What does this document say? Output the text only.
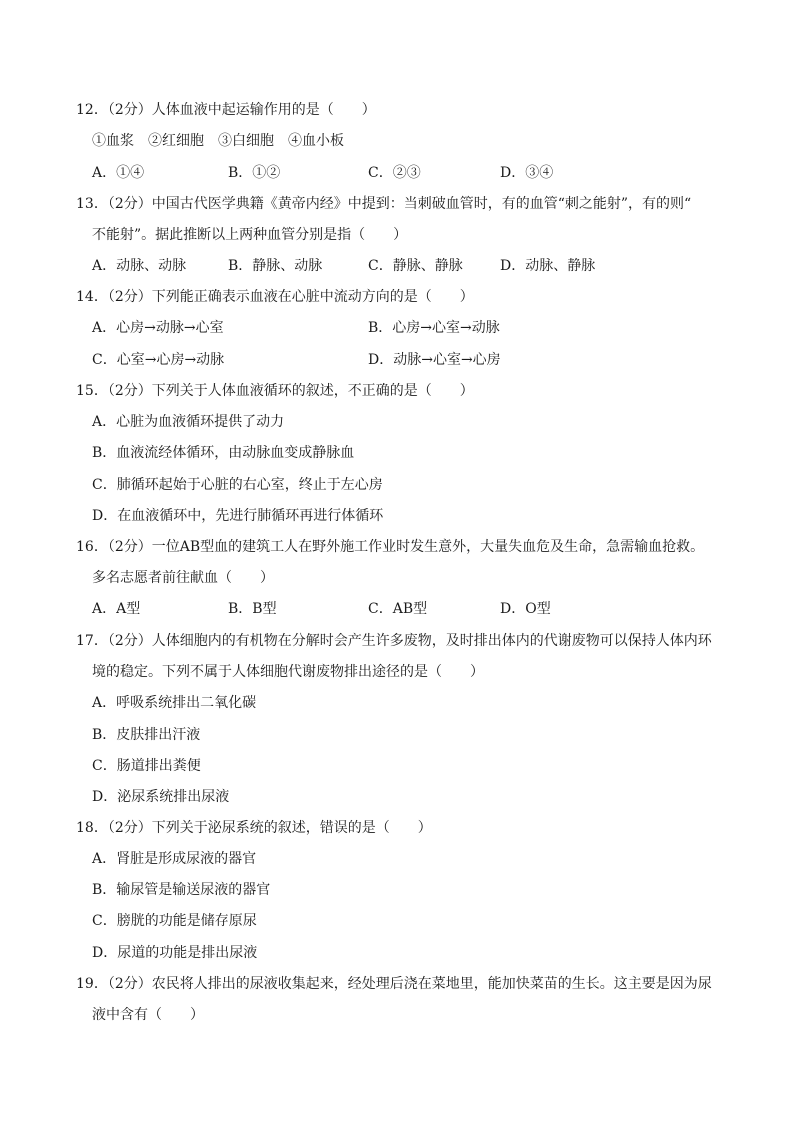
12．（2分）人体血液中起运输作用的是（　　）
①血浆　②红细胞　③白细胞　④血小板
A．①④	B．①②	C．②③	D．③④
13．（2分）中国古代医学典籍《黄帝内经》中提到：当刺破血管时，有的血管“刺之能射”，有的则“
不能射”。据此推断以上两种血管分别是指（　　）
A．动脉、动脉	B．静脉、动脉	C．静脉、静脉	D．动脉、静脉
14．（2分）下列能正确表示血液在心脏中流动方向的是（　　）
A．心房→动脉→心室	B．心房→心室→动脉
C．心室→心房→动脉	D．动脉→心室→心房
15．（2分）下列关于人体血液循环的叙述，不正确的是（　　）
A．心脏为血液循环提供了动力
B．血液流经体循环，由动脉血变成静脉血
C．肺循环起始于心脏的右心室，终止于左心房
D．在血液循环中，先进行肺循环再进行体循环
16．（2分）一位AB型血的建筑工人在野外施工作业时发生意外，大量失血危及生命，急需输血抢救。
多名志愿者前往献血（　　）
A．A型	B．B型	C．AB型	D．O型
17．（2分）人体细胞内的有机物在分解时会产生许多废物，及时排出体内的代谢废物可以保持人体内环
境的稳定。下列不属于人体细胞代谢废物排出途径的是（　　）
A．呼吸系统排出二氧化碳
B．皮肤排出汗液
C．肠道排出粪便
D．泌尿系统排出尿液
18．（2分）下列关于泌尿系统的叙述，错误的是（　　）
A．肾脏是形成尿液的器官
B．输尿管是输送尿液的器官
C．膀胱的功能是储存原尿
D．尿道的功能是排出尿液
19．（2分）农民将人排出的尿液收集起来，经处理后浇在菜地里，能加快菜苗的生长。这主要是因为尿
液中含有（　　）
